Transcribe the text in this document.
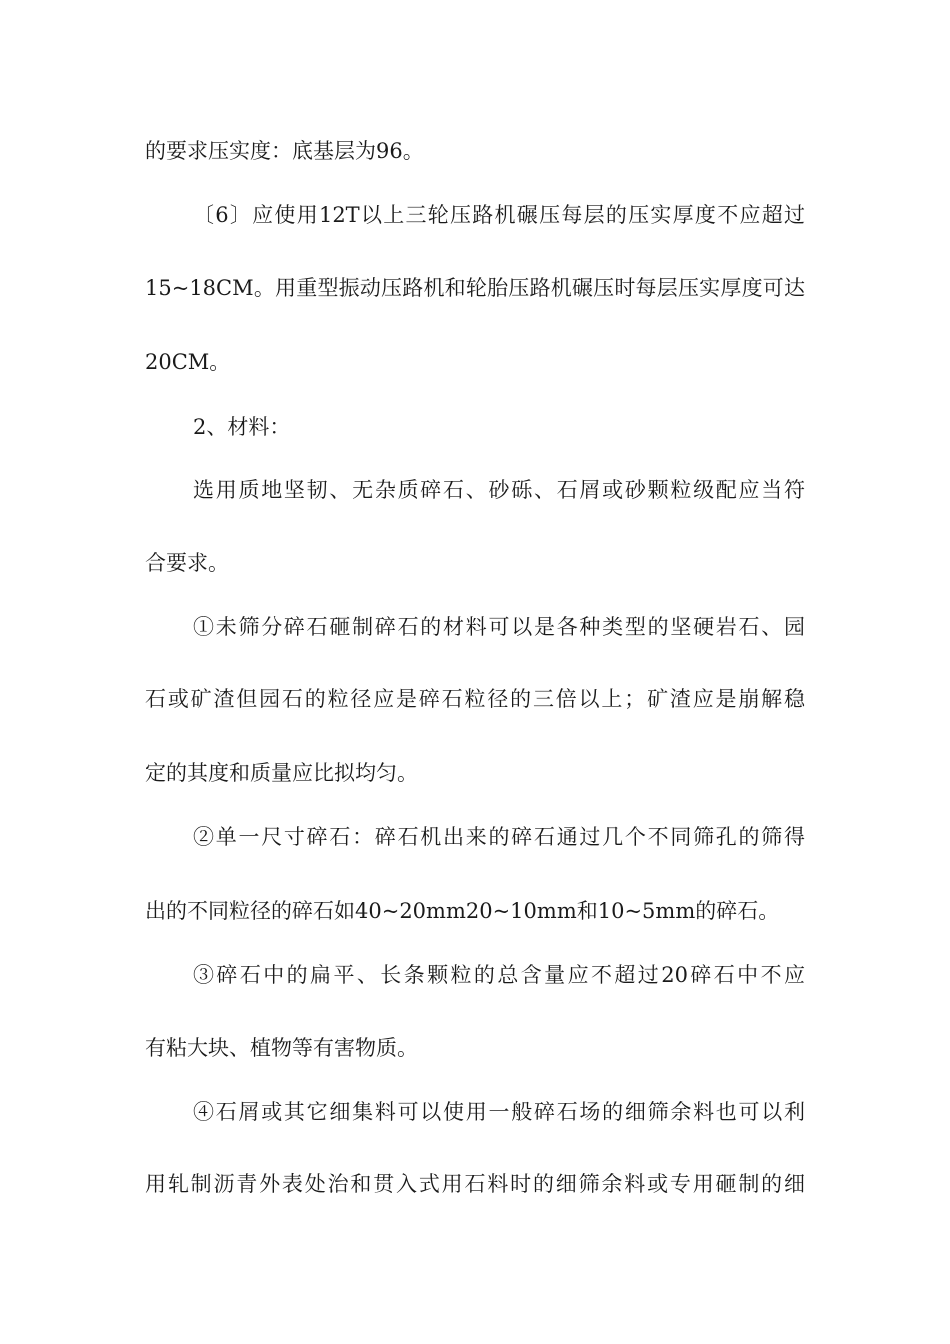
的要求压实度：底基层为96。
〔6〕应使用12T以上三轮压路机碾压每层的压实厚度不应超过
15~18CM。用重型振动压路机和轮胎压路机碾压时每层压实厚度可达
20CM。
2、材料：
选用质地坚韧、无杂质碎石、砂砾、石屑或砂颗粒级配应当符
合要求。
①未筛分碎石砸制碎石的材料可以是各种类型的坚硬岩石、园
石或矿渣但园石的粒径应是碎石粒径的三倍以上；矿渣应是崩解稳
定的其度和质量应比拟均匀。
②单一尺寸碎石：碎石机出来的碎石通过几个不同筛孔的筛得
出的不同粒径的碎石如40~20mm20~10mm和10~5mm的碎石。
③碎石中的扁平、长条颗粒的总含量应不超过20碎石中不应
有粘大块、植物等有害物质。
④石屑或其它细集料可以使用一般碎石场的细筛余料也可以利
用轧制沥青外表处治和贯入式用石料时的细筛余料或专用砸制的细
